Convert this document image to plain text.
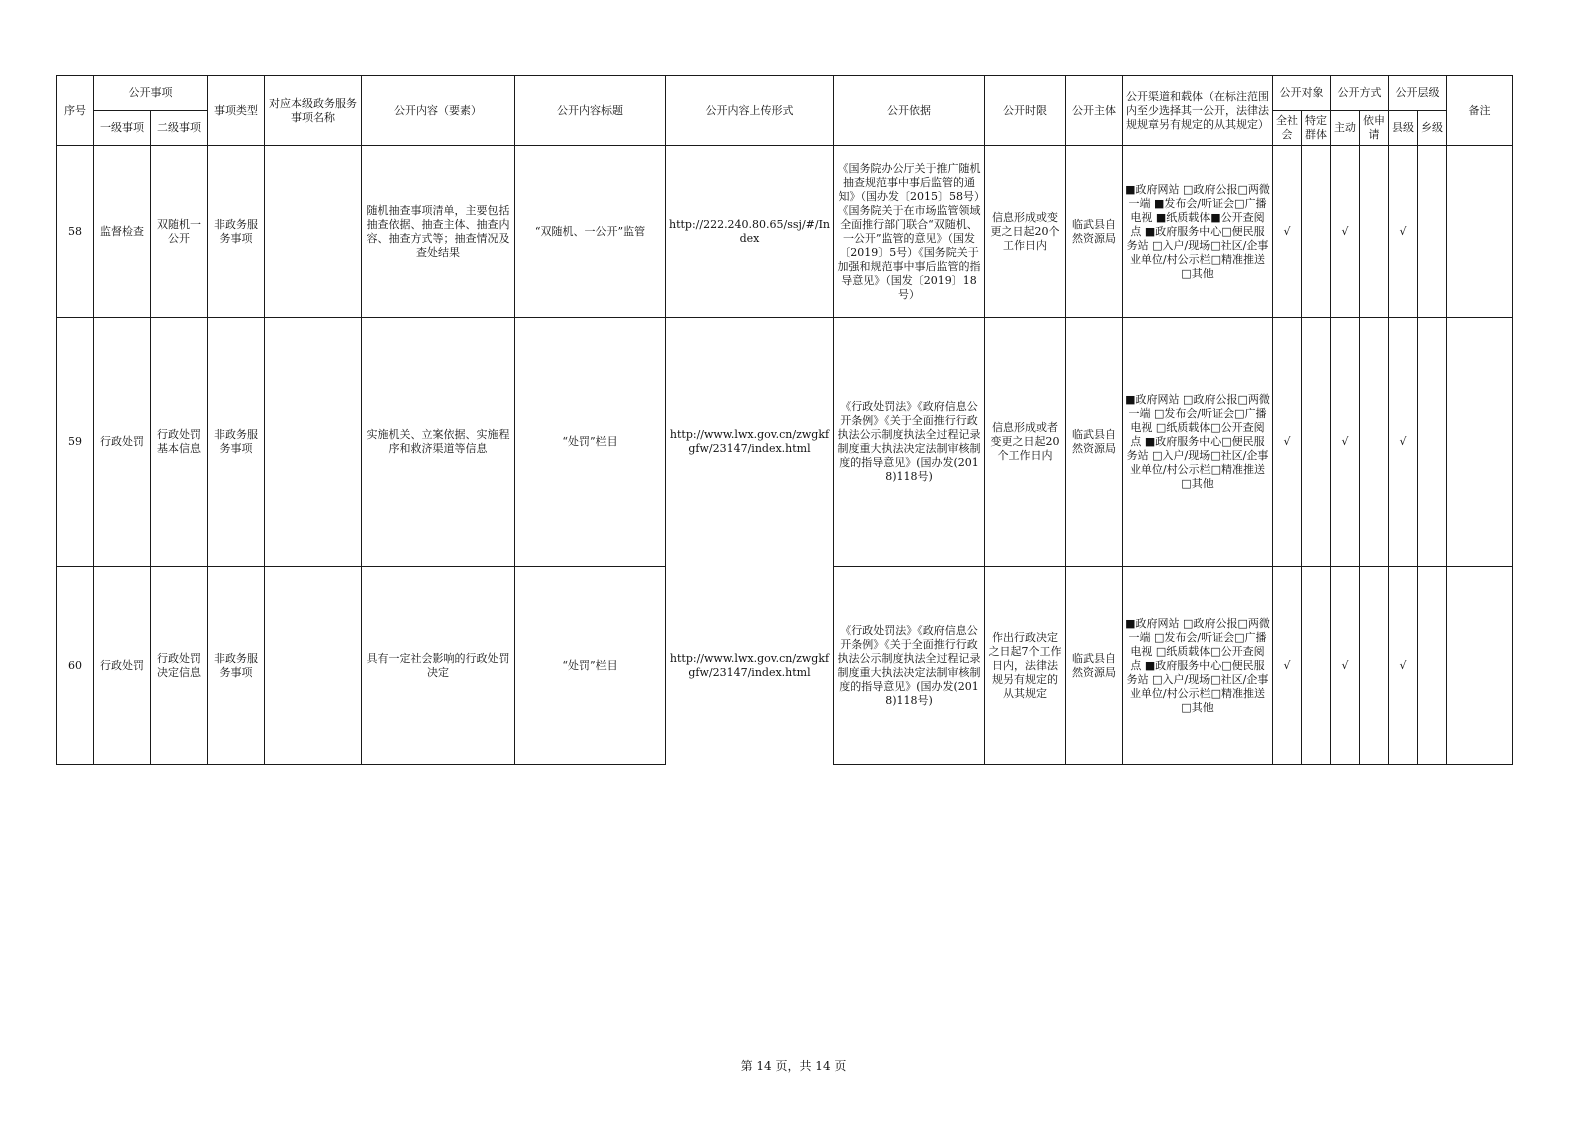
序号	公开事项		事项类型	对应本级政务服务事项名称	公开内容（要素）	公开内容标题	公开内容上传形式	公开依据	公开时限	公开主体	公开渠道和载体（在标注范围内至少选择其一公开，法律法规规章另有规定的从其规定）	公开对象		公开方式		公开层级		备注
	一级事项	二级事项										全社会	特定群体	主动	依申请	县级	乡级	
58	监督检查	双随机一公开	非政务服务事项		随机抽查事项清单，主要包括抽查依据、抽查主体、抽查内容、抽查方式等；抽查情况及查处结果	“双随机、一公开”监管	http://222.240.80.65/ssj/#/Index	《国务院办公厅关于推广随机抽查规范事中事后监管的通知》（国办发〔2015〕58号）《国务院关于在市场监管领域全面推行部门联合“双随机、一公开”监管的意见》（国发〔2019〕5号）《国务院关于加强和规范事中事后监管的指导意见》（国发〔2019〕18号）	信息形成或变更之日起20个工作日内	临武县自然资源局	■政府网站 □政府公报□两微一端 ■发布会/听证会□广播电视 ■纸质载体■公开查阅点 ■政府服务中心□便民服务站 □入户/现场□社区/企事业单位/村公示栏□精准推送 □其他	√		√		√		
59	行政处罚	行政处罚基本信息	非政务服务事项		实施机关、立案依据、实施程序和救济渠道等信息	“处罚”栏目	http://www.lwx.gov.cn/zwgkfgfw/23147/index.html	《行政处罚法》《政府信息公开条例》《关于全面推行行政执法公示制度执法全过程记录制度重大执法决定法制审核制度的指导意见》(国办发(2018)118号)	信息形成或者变更之日起20个工作日内	临武县自然资源局	■政府网站 □政府公报□两微一端 □发布会/听证会□广播电视 □纸质载体□公开查阅点 ■政府服务中心□便民服务站 □入户/现场□社区/企事业单位/村公示栏□精准推送 □其他	√		√		√		
60	行政处罚	行政处罚决定信息	非政务服务事项		具有一定社会影响的行政处罚决定	“处罚”栏目	http://www.lwx.gov.cn/zwgkfgfw/23147/index.html	《行政处罚法》《政府信息公开条例》《关于全面推行行政执法公示制度执法全过程记录制度重大执法决定法制审核制度的指导意见》(国办发(2018)118号)	作出行政决定之日起7个工作日内，法律法规另有规定的从其规定	临武县自然资源局	■政府网站 □政府公报□两微一端 □发布会/听证会□广播电视 □纸质载体□公开查阅点 ■政府服务中心□便民服务站 □入户/现场□社区/企事业单位/村公示栏□精准推送 □其他	√		√		√		
第 14 页，共 14 页
